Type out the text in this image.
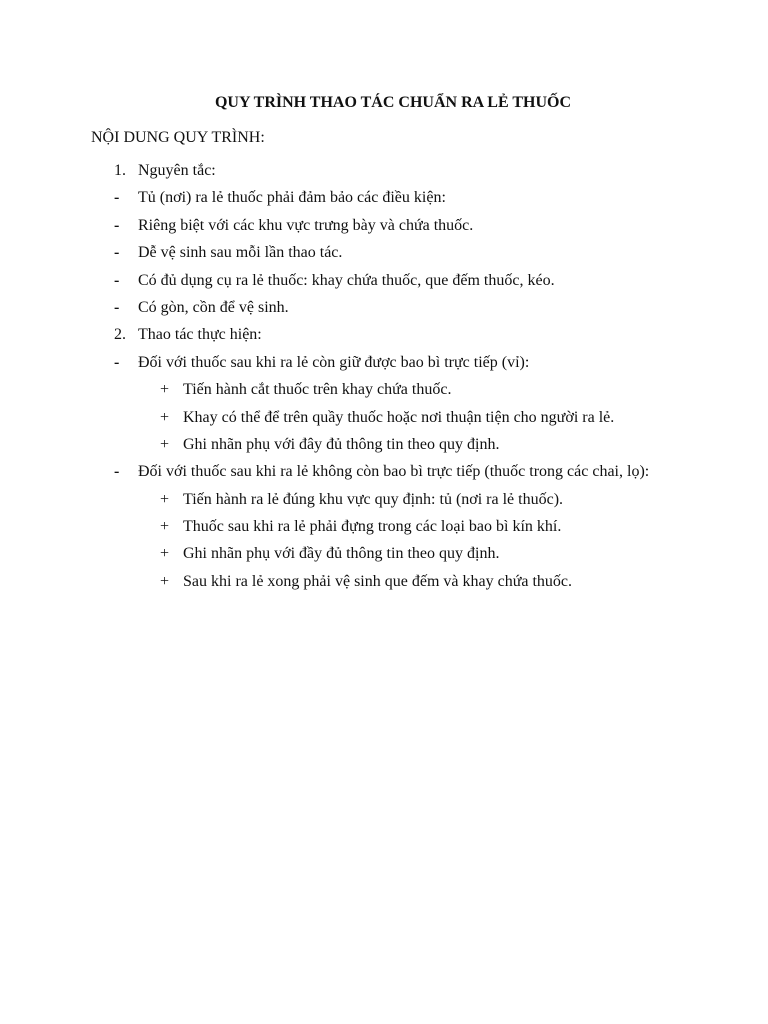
QUY TRÌNH THAO TÁC CHUẨN RA LẺ THUỐC
NỘI DUNG QUY TRÌNH:
1. Nguyên tắc:
- Tủ (nơi) ra lẻ thuốc phải đảm bảo các điều kiện:
- Riêng biệt với các khu vực trưng bày và chứa thuốc.
- Dễ vệ sinh sau mỗi lần thao tác.
- Có đủ dụng cụ ra lẻ thuốc: khay chứa thuốc, que đếm thuốc, kéo.
- Có gòn, cồn để vệ sinh.
2. Thao tác thực hiện:
- Đối với thuốc sau khi ra lẻ còn giữ được bao bì trực tiếp (vỉ):
+ Tiến hành cắt thuốc trên khay chứa thuốc.
+ Khay có thể để trên quầy thuốc hoặc nơi thuận tiện cho người ra lẻ.
+ Ghi nhãn phụ với đây đủ thông tin theo quy định.
- Đối với thuốc sau khi ra lẻ không còn bao bì trực tiếp (thuốc trong các chai, lọ):
+ Tiến hành ra lẻ đúng khu vực quy định: tủ (nơi ra lẻ thuốc).
+ Thuốc sau khi ra lẻ phải đựng trong các loại bao bì kín khí.
+ Ghi nhãn phụ với đầy đủ thông tin theo quy định.
+ Sau khi ra lẻ xong phải vệ sinh que đếm và khay chứa thuốc.
